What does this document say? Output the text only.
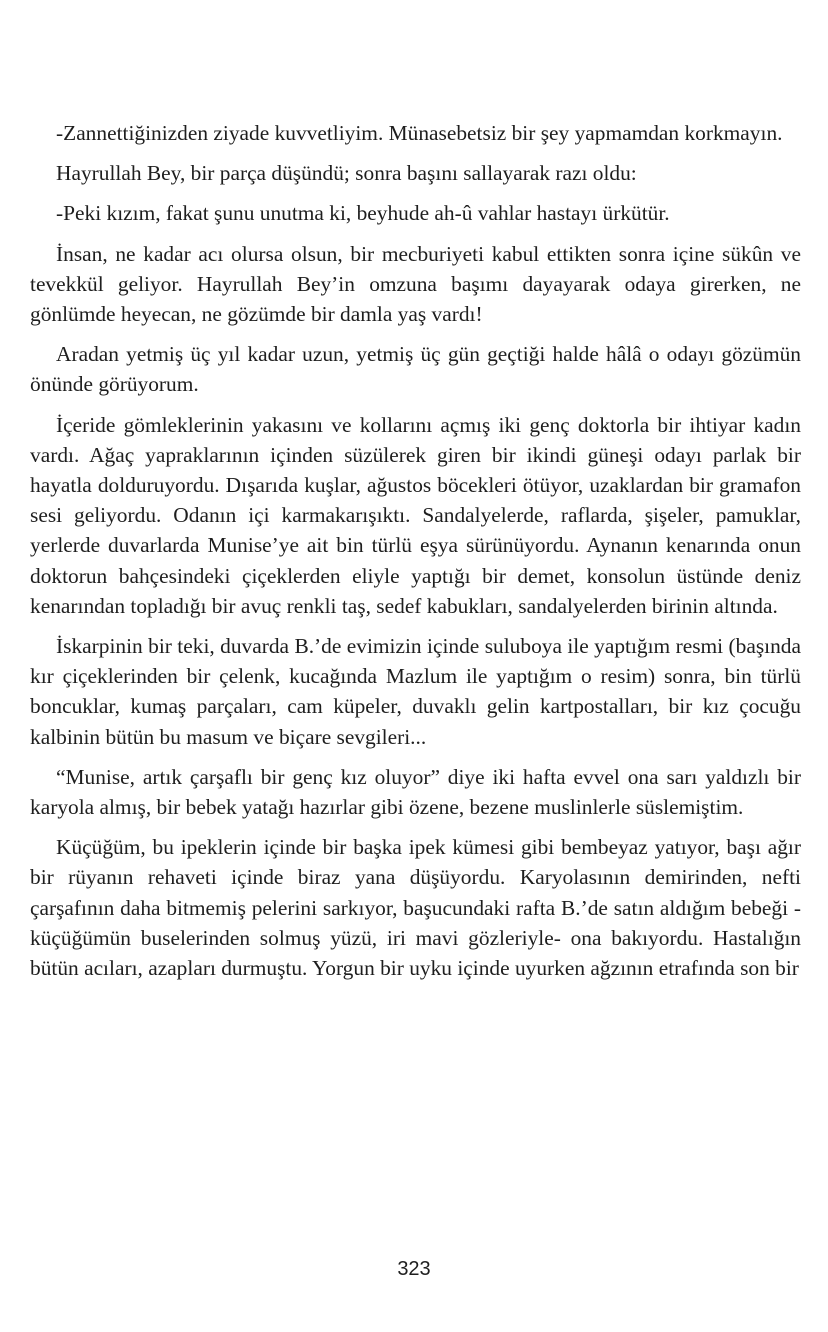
-Zannettiğinizden ziyade kuvvetliyim. Münasebetsiz bir şey yapmamdan korkmayın.

Hayrullah Bey, bir parça düşündü; sonra başını sallayarak razı oldu:

-Peki kızım, fakat şunu unutma ki, beyhude ah-û vahlar hastayı ürkütür.

İnsan, ne kadar acı olursa olsun, bir mecburiyeti kabul ettikten sonra içine sükûn ve tevekkül geliyor. Hayrullah Bey’in omzuna başımı dayayarak odaya girerken, ne gönlümde heyecan, ne gözümde bir damla yaş vardı!

Aradan yetmiş üç yıl kadar uzun, yetmiş üç gün geçtiği halde hâlâ o odayı gözümün önünde görüyorum.

İçeride gömleklerinin yakasını ve kollarını açmış iki genç doktorla bir ihtiyar kadın vardı. Ağaç yapraklarının içinden süzülerek giren bir ikindi güneşi odayı parlak bir hayatla dolduruyordu. Dışarıda kuşlar, ağustos böcekleri ötüyor, uzaklardan bir gramafon sesi geliyordu. Odanın içi karmakarışıktı. Sandalyelerde, raflarda, şişeler, pamuklar, yerlerde duvarlarda Munise’ye ait bin türlü eşya sürünüyordu. Aynanın kenarında onun doktorun bahçesindeki çiçeklerden eliyle yaptığı bir demet, konsolun üstünde deniz kenarından topladığı bir avuç renkli taş, sedef kabukları, sandalyelerden birinin altında.

İskarpinin bir teki, duvarda B.’de evimizin içinde suluboya ile yaptığım resmi (başında kır çiçeklerinden bir çelenk, kucağında Mazlum ile yaptığım o resim) sonra, bin türlü boncuklar, kumaş parçaları, cam küpeler, duvaklı gelin kartpostalları, bir kız çocuğu kalbinin bütün bu masum ve biçare sevgileri...

“Munise, artık çarşaflı bir genç kız oluyor” diye iki hafta evvel ona sarı yaldızlı bir karyola almış, bir bebek yatağı hazırlar gibi özene, bezene muslinlerle süslemiştim.

Küçüğüm, bu ipeklerin içinde bir başka ipek kümesi gibi bembeyaz yatıyor, başı ağır bir rüyanın rehaveti içinde biraz yana düşüyordu. Karyolasının demirinden, nefti çarşafının daha bitmemiş pelerini sarkıyor, başucundaki rafta B.’de satın aldığım bebeği -küçüğümün buselerinden solmuş yüzü, iri mavi gözleriyle- ona bakıyordu. Hastalığın bütün acıları, azapları durmuştu. Yorgun bir uyku içinde uyurken ağzının etrafında son bir

323
